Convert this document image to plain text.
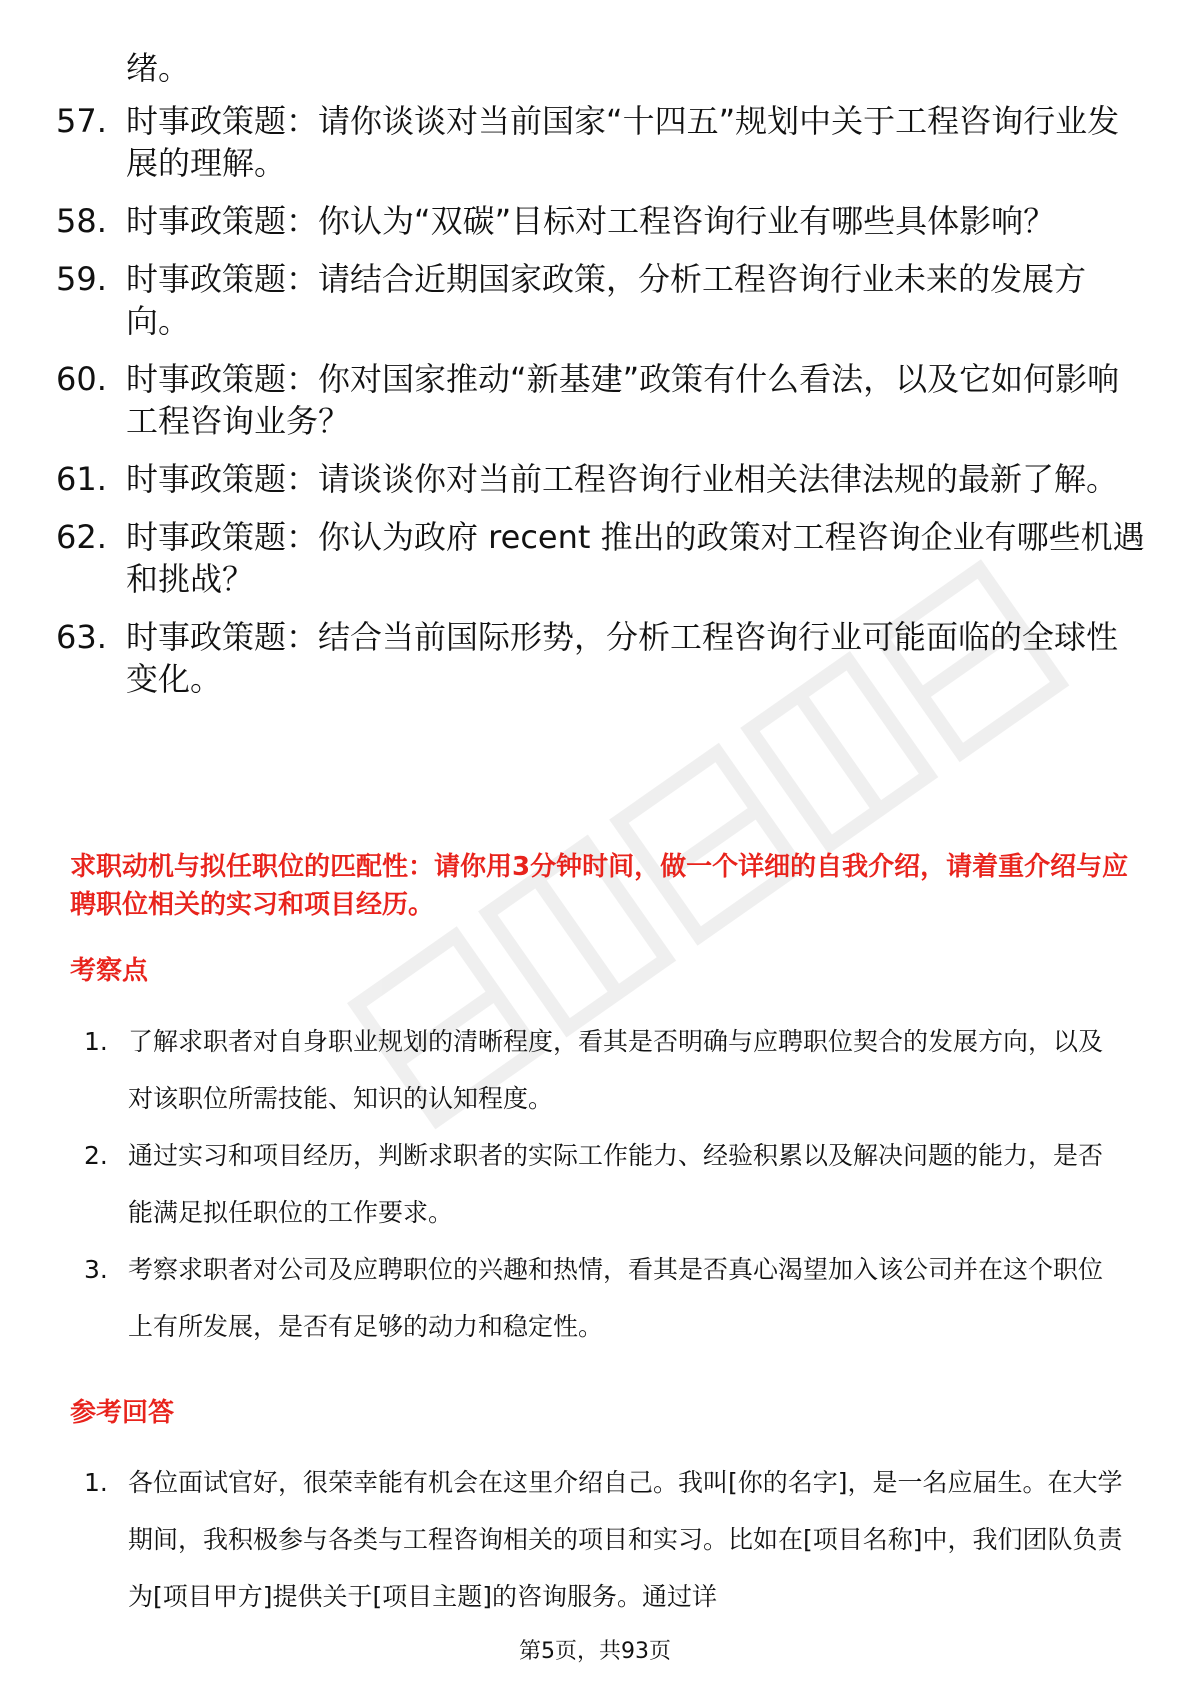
绪。
57. 时事政策题：请你谈谈对当前国家“十四五”规划中关于工程咨询行业发展的理解。
58. 时事政策题：你认为“双碳”目标对工程咨询行业有哪些具体影响？
59. 时事政策题：请结合近期国家政策，分析工程咨询行业未来的发展方向。
60. 时事政策题：你对国家推动“新基建”政策有什么看法，以及它如何影响工程咨询业务？
61. 时事政策题：请谈谈你对当前工程咨询行业相关法律法规的最新了解。
62. 时事政策题：你认为政府 recent 推出的政策对工程咨询企业有哪些机遇和挑战？
63. 时事政策题：结合当前国际形势，分析工程咨询行业可能面临的全球性变化。
求职动机与拟任职位的匹配性：请你用3分钟时间，做一个详细的自我介绍，请着重介绍与应聘职位相关的实习和项目经历。
考察点
1. 了解求职者对自身职业规划的清晰程度，看其是否明确与应聘职位契合的发展方向，以及对该职位所需技能、知识的认知程度。
2. 通过实习和项目经历，判断求职者的实际工作能力、经验积累以及解决问题的能力，是否能满足拟任职位的工作要求。
3. 考察求职者对公司及应聘职位的兴趣和热情，看其是否真心渴望加入该公司并在这个职位上有所发展，是否有足够的动力和稳定性。
参考回答
1. 各位面试官好，很荣幸能有机会在这里介绍自己。我叫[你的名字]，是一名应届生。在大学期间，我积极参与各类与工程咨询相关的项目和实习。比如在[项目名称]中，我们团队负责为[项目甲方]提供关于[项目主题]的咨询服务。通过详
第5页，共93页
